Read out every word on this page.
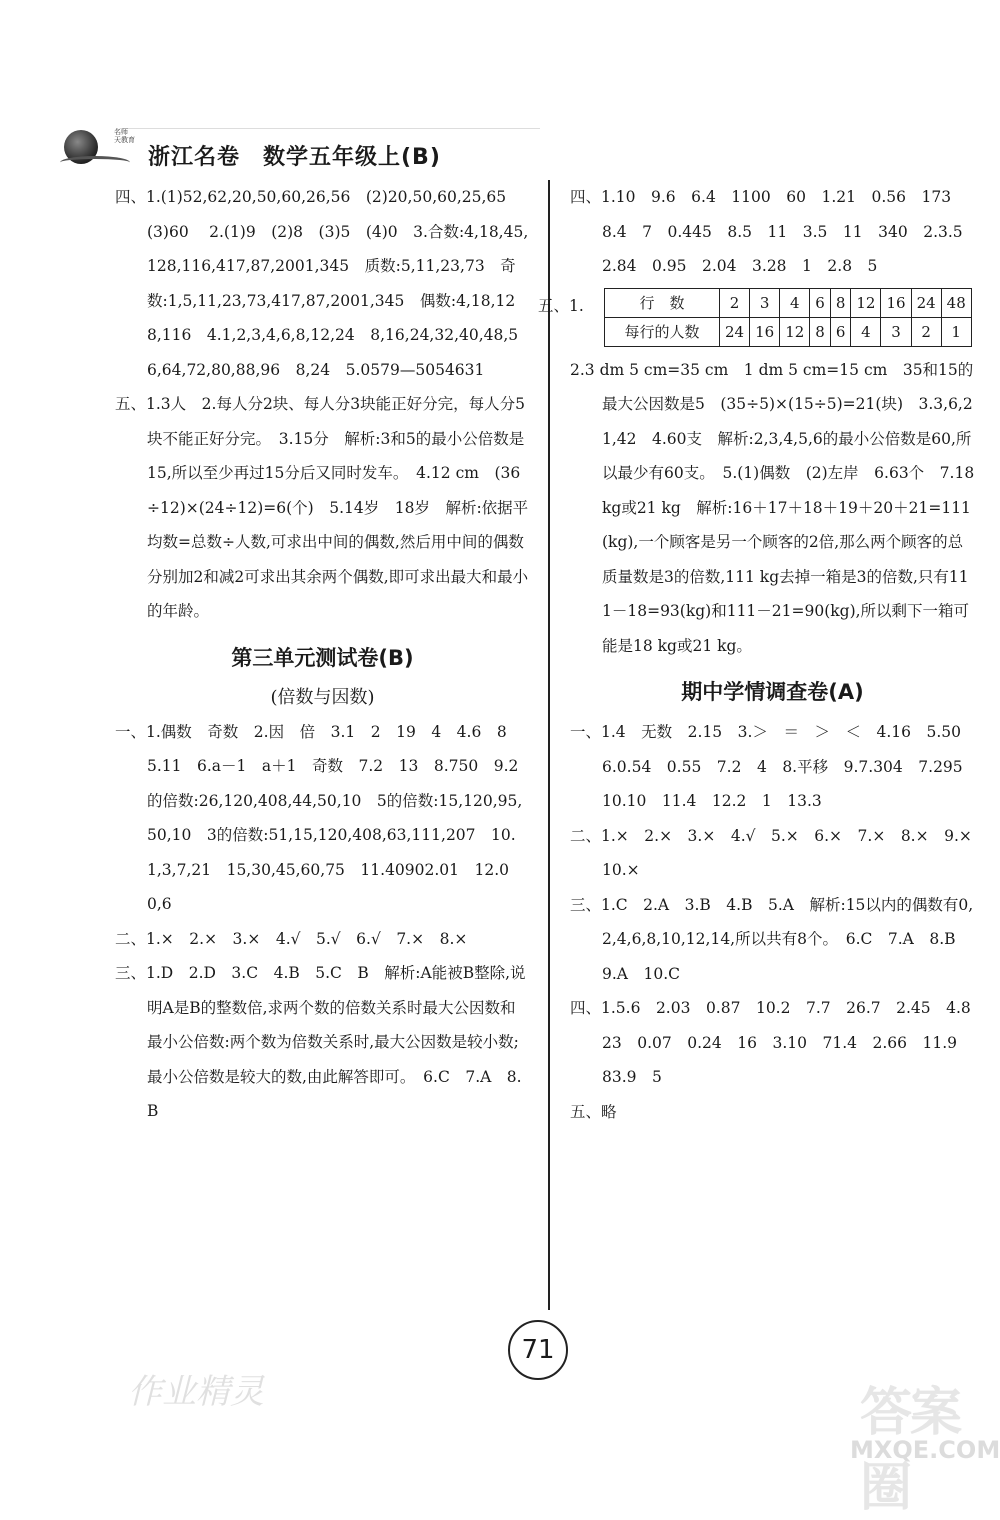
名师
天教育
浙江名卷　数学五年级上(B)

四、1.(1)52,62,20,50,60,26,56　(2)20,50,60,25,65　(3)60　 2.(1)9　(2)8　(3)5　(4)0　3.合数:4,18,45,128,116,417,87,2001,345　质数:5,11,23,73　奇数:1,5,11,23,73,417,87,2001,345　偶数:4,18,128,116　4.1,2,3,4,6,8,12,24　8,16,24,32,40,48,56,64,72,80,88,96　8,24　5.0579—5054631

五、1.3人　2.每人分2块、每人分3块能正好分完，每人分5块不能正好分完。　3.15分　解析:3和5的最小公倍数是15,所以至少再过15分后又同时发车。　4.12 cm　(36÷12)×(24÷12)=6(个)　5.14岁　18岁　解析:依据平均数=总数÷人数,可求出中间的偶数,然后用中间的偶数分别加2和减2可求出其余两个偶数,即可求出最大和最小的年龄。

第三单元测试卷(B)
(倍数与因数)

一、1.偶数　奇数　2.因　倍　3.1　2　19　4　4.6　8　5.11　6.a－1　a＋1　奇数　7.2　13　8.750　9.2的倍数:26,120,408,44,50,10　5的倍数:15,120,95,50,10　3的倍数:51,15,120,408,63,111,207　10.1,3,7,21　15,30,45,60,75　11.40902.01　12.0　0,6

二、1.×　2.×　3.×　4.√　5.√　6.√　7.×　8.×

三、1.D　2.D　3.C　4.B　5.C　B　解析:A能被B整除,说明A是B的整数倍,求两个数的倍数关系时最大公因数和最小公倍数:两个数为倍数关系时,最大公因数是较小数;最小公倍数是较大的数,由此解答即可。　6.C　7.A　8.B

四、1.10　9.6　6.4　1100　60　1.21　0.56　173　8.4　7　0.445　8.5　11　3.5　11　340　2.3.5　2.84　0.95　2.04　3.28　1　2.8　5

五、1.	行　数	2	3	4	6	8	12	16	24	48
每行的人数	24	16	12	8	6	4	3	2	1

2.3 dm 5 cm=35 cm　1 dm 5 cm=15 cm　35和15的最大公因数是5　(35÷5)×(15÷5)=21(块)　3.3,6,21,42　4.60支　解析:2,3,4,5,6的最小公倍数是60,所以最少有60支。　5.(1)偶数　(2)左岸　6.63个　7.18 kg或21 kg　解析:16＋17＋18＋19＋20＋21=111(kg),一个顾客是另一个顾客的2倍,那么两个顾客的总质量数是3的倍数,111 kg去掉一箱是3的倍数,只有111－18=93(kg)和111－21=90(kg),所以剩下一箱可能是18 kg或21 kg。

期中学情调查卷(A)

一、1.4　无数　2.15　3.＞　＝　＞　＜　4.16　5.50　6.0.54　0.55　7.2　4　8.平移　9.7.304　7.295　10.10　11.4　12.2　1　13.3

二、1.×　2.×　3.×　4.√　5.×　6.×　7.×　8.×　9.×　10.×

三、1.C　2.A　3.B　4.B　5.A　解析:15以内的偶数有0,2,4,6,8,10,12,14,所以共有8个。　6.C　7.A　8.B　9.A　10.C

四、1.5.6　2.03　0.87　10.2　7.7　26.7　2.45　4.8　23　0.07　0.24　16　3.10　71.4　2.66　11.9　83.9　5

五、略

71
作业精灵	答案圈
MXQE.COM
